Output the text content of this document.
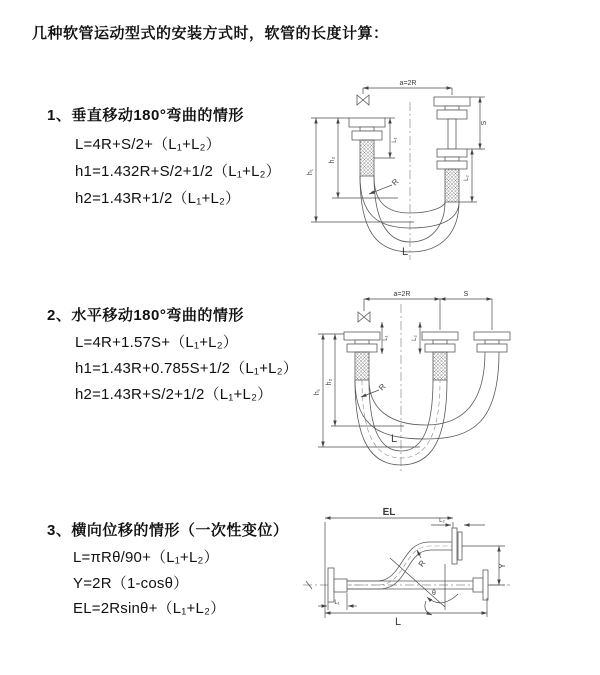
几种软管运动型式的安装方式时，软管的长度计算：
1、垂直移动180°弯曲的情形
L=4R+S/2+（L₁+L₂）
h1=1.432R+S/2+1/2（L₁+L₂）
h2=1.43R+1/2（L₁+L₂）
2、水平移动180°弯曲的情形
L=4R+1.57S+（L₁+L₂）
h1=1.43R+0.785S+1/2（L₁+L₂）
h2=1.43R+S/2+1/2（L₁+L₂）
3、横向位移的情形（一次性变位）
L=πRθ/90+（L₁+L₂）
Y=2R（1-cosθ）
EL=2Rsinθ+（L₁+L₂）
a=2R
L₁
S
L₂
h₁
h₂
R
L
a=2R	S
L₁	L₂
h₁
h₂
R
L
EL
L₂
Y
θ
R
L₁
L
